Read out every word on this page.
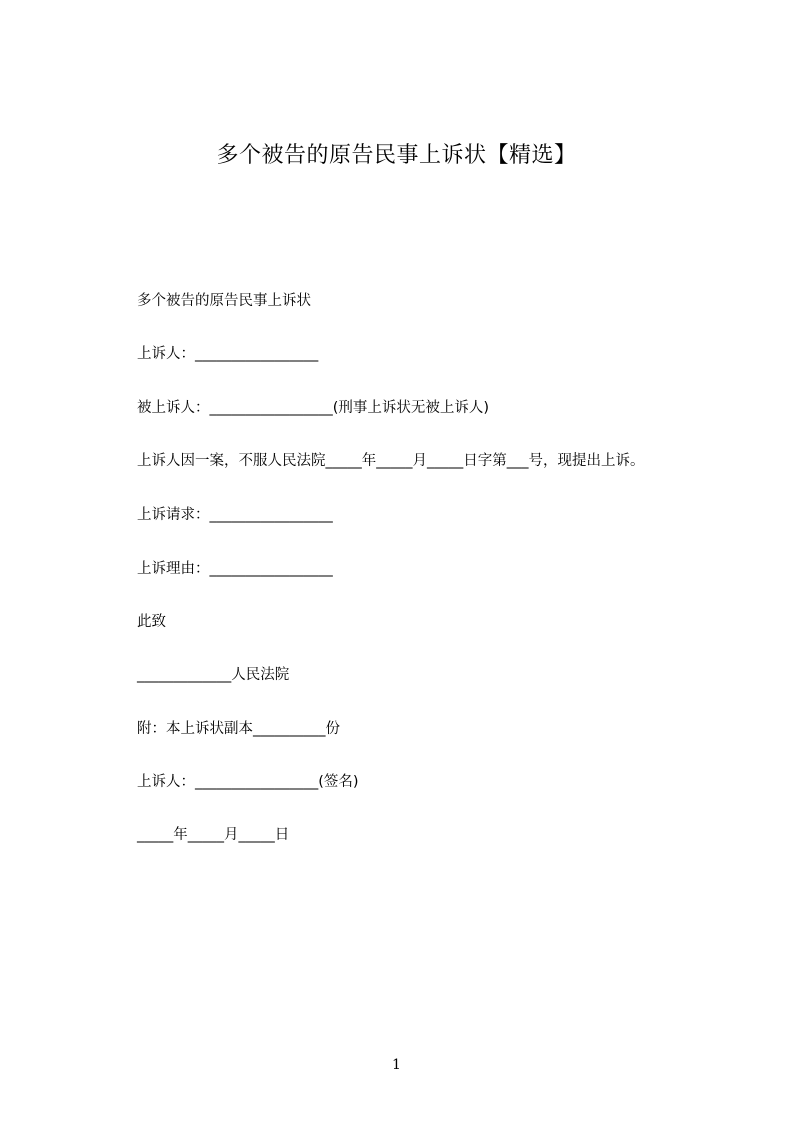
多个被告的原告民事上诉状【精选】
多个被告的原告民事上诉状
上诉人：_________________
被上诉人：_________________(刑事上诉状无被上诉人)
上诉人因一案，不服人民法院_____年_____月_____日字第___号，现提出上诉。
上诉请求：_________________
上诉理由：_________________
此致
_____________人民法院
附：本上诉状副本__________份
上诉人：_________________(签名)
_____年_____月_____日
1
